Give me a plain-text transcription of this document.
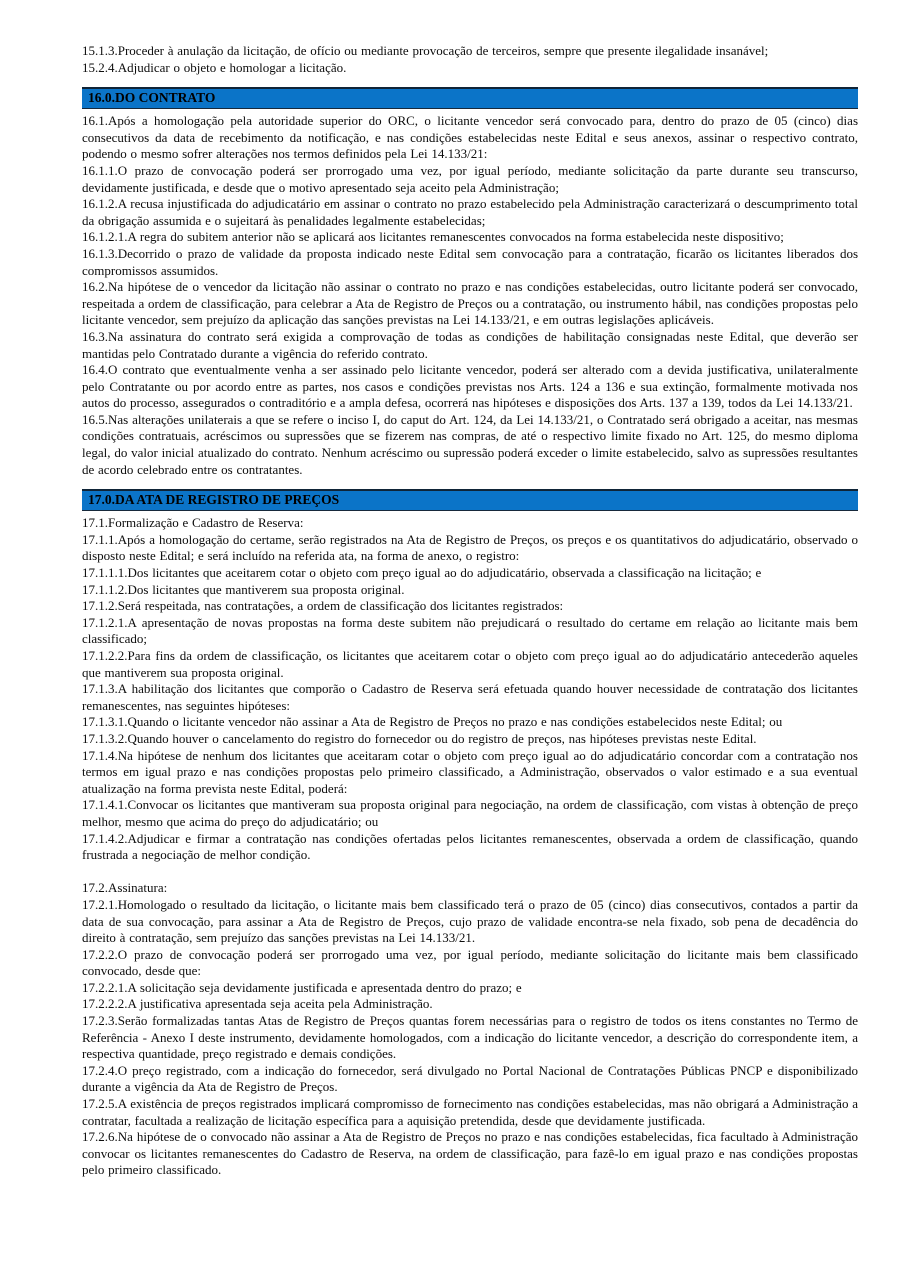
15.1.3.Proceder à anulação da licitação, de ofício ou mediante provocação de terceiros, sempre que presente ilegalidade insanável;

15.2.4.Adjudicar o objeto e homologar a licitação.

16.0.DO CONTRATO

16.1.Após a homologação pela autoridade superior do ORC, o licitante vencedor será convocado para, dentro do prazo de 05 (cinco) dias consecutivos da data de recebimento da notificação, e nas condições estabelecidas neste Edital e seus anexos, assinar o respectivo contrato, podendo o mesmo sofrer alterações nos termos definidos pela Lei 14.133/21:

16.1.1.O prazo de convocação poderá ser prorrogado uma vez, por igual período, mediante solicitação da parte durante seu transcurso, devidamente justificada, e desde que o motivo apresentado seja aceito pela Administração;

16.1.2.A recusa injustificada do adjudicatário em assinar o contrato no prazo estabelecido pela Administração caracterizará o descumprimento total da obrigação assumida e o sujeitará às penalidades legalmente estabelecidas;

16.1.2.1.A regra do subitem anterior não se aplicará aos licitantes remanescentes convocados na forma estabelecida neste dispositivo;

16.1.3.Decorrido o prazo de validade da proposta indicado neste Edital sem convocação para a contratação, ficarão os licitantes liberados dos compromissos assumidos.

16.2.Na hipótese de o vencedor da licitação não assinar o contrato no prazo e nas condições estabelecidas, outro licitante poderá ser convocado, respeitada a ordem de classificação, para celebrar a Ata de Registro de Preços ou a contratação, ou instrumento hábil, nas condições propostas pelo licitante vencedor, sem prejuízo da aplicação das sanções previstas na Lei 14.133/21, e em outras legislações aplicáveis.

16.3.Na assinatura do contrato será exigida a comprovação de todas as condições de habilitação consignadas neste Edital, que deverão ser mantidas pelo Contratado durante a vigência do referido contrato.

16.4.O contrato que eventualmente venha a ser assinado pelo licitante vencedor, poderá ser alterado com a devida justificativa, unilateralmente pelo Contratante ou por acordo entre as partes, nos casos e condições previstas nos Arts. 124 a 136 e sua extinção, formalmente motivada nos autos do processo, assegurados o contraditório e a ampla defesa, ocorrerá nas hipóteses e disposições dos Arts. 137 a 139, todos da Lei 14.133/21.

16.5.Nas alterações unilaterais a que se refere o inciso I, do caput do Art. 124, da Lei 14.133/21, o Contratado será obrigado a aceitar, nas mesmas condições contratuais, acréscimos ou supressões que se fizerem nas compras, de até o respectivo limite fixado no Art. 125, do mesmo diploma legal, do valor inicial atualizado do contrato. Nenhum acréscimo ou supressão poderá exceder o limite estabelecido, salvo as supressões resultantes de acordo celebrado entre os contratantes.

17.0.DA ATA DE REGISTRO DE PREÇOS

17.1.Formalização e Cadastro de Reserva:

17.1.1.Após a homologação do certame, serão registrados na Ata de Registro de Preços, os preços e os quantitativos do adjudicatário, observado o disposto neste Edital; e será incluído na referida ata, na forma de anexo, o registro:

17.1.1.1.Dos licitantes que aceitarem cotar o objeto com preço igual ao do adjudicatário, observada a classificação na licitação; e

17.1.1.2.Dos licitantes que mantiverem sua proposta original.

17.1.2.Será respeitada, nas contratações, a ordem de classificação dos licitantes registrados:

17.1.2.1.A apresentação de novas propostas na forma deste subitem não prejudicará o resultado do certame em relação ao licitante mais bem classificado;

17.1.2.2.Para fins da ordem de classificação, os licitantes que aceitarem cotar o objeto com preço igual ao do adjudicatário antecederão aqueles que mantiverem sua proposta original.

17.1.3.A habilitação dos licitantes que comporão o Cadastro de Reserva será efetuada quando houver necessidade de contratação dos licitantes remanescentes, nas seguintes hipóteses:

17.1.3.1.Quando o licitante vencedor não assinar a Ata de Registro de Preços no prazo e nas condições estabelecidos neste Edital; ou

17.1.3.2.Quando houver o cancelamento do registro do fornecedor ou do registro de preços, nas hipóteses previstas neste Edital.

17.1.4.Na hipótese de nenhum dos licitantes que aceitaram cotar o objeto com preço igual ao do adjudicatário concordar com a contratação nos termos em igual prazo e nas condições propostas pelo primeiro classificado, a Administração, observados o valor estimado e a sua eventual atualização na forma prevista neste Edital, poderá:

17.1.4.1.Convocar os licitantes que mantiveram sua proposta original para negociação, na ordem de classificação, com vistas à obtenção de preço melhor, mesmo que acima do preço do adjudicatário; ou

17.1.4.2.Adjudicar e firmar a contratação nas condições ofertadas pelos licitantes remanescentes, observada a ordem de classificação, quando frustrada a negociação de melhor condição.

17.2.Assinatura:

17.2.1.Homologado o resultado da licitação, o licitante mais bem classificado terá o prazo de 05 (cinco) dias consecutivos, contados a partir da data de sua convocação, para assinar a Ata de Registro de Preços, cujo prazo de validade encontra-se nela fixado, sob pena de decadência do direito à contratação, sem prejuízo das sanções previstas na Lei 14.133/21.

17.2.2.O prazo de convocação poderá ser prorrogado uma vez, por igual período, mediante solicitação do licitante mais bem classificado convocado, desde que:

17.2.2.1.A solicitação seja devidamente justificada e apresentada dentro do prazo; e

17.2.2.2.A justificativa apresentada seja aceita pela Administração.

17.2.3.Serão formalizadas tantas Atas de Registro de Preços quantas forem necessárias para o registro de todos os itens constantes no Termo de Referência - Anexo I deste instrumento, devidamente homologados, com a indicação do licitante vencedor, a descrição do correspondente item, a respectiva quantidade, preço registrado e demais condições.

17.2.4.O preço registrado, com a indicação do fornecedor, será divulgado no Portal Nacional de Contratações Públicas PNCP e disponibilizado durante a vigência da Ata de Registro de Preços.

17.2.5.A existência de preços registrados implicará compromisso de fornecimento nas condições estabelecidas, mas não obrigará a Administração a contratar, facultada a realização de licitação específica para a aquisição pretendida, desde que devidamente justificada.

17.2.6.Na hipótese de o convocado não assinar a Ata de Registro de Preços no prazo e nas condições estabelecidas, fica facultado à Administração convocar os licitantes remanescentes do Cadastro de Reserva, na ordem de classificação, para fazê-lo em igual prazo e nas condições propostas pelo primeiro classificado.
